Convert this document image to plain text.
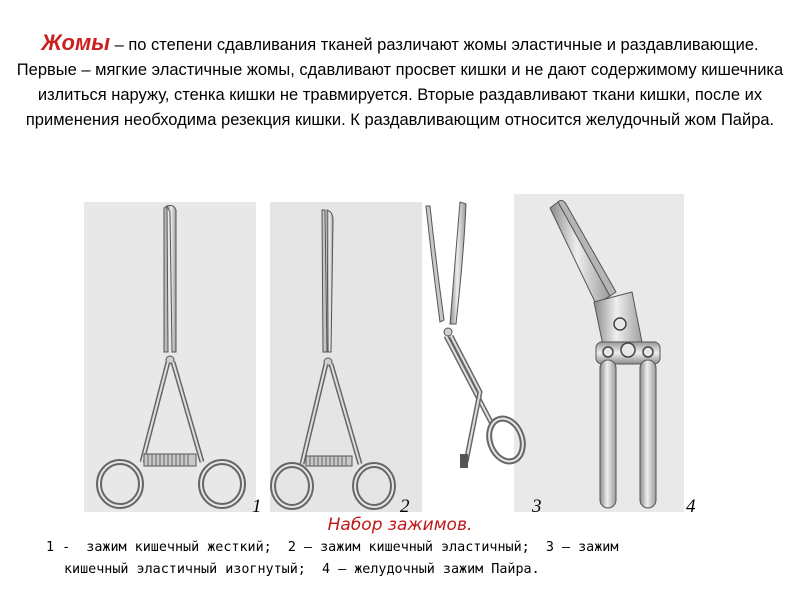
Жомы – по степени сдавливания тканей различают жомы эластичные и раздавливающие. Первые – мягкие эластичные жомы, сдавливают просвет кишки и не дают содержимому кишечника излиться наружу, стенка кишки не травмируется. Вторые раздавливают ткани кишки, после их применения необходима резекция кишки. К раздавливающим относится желудочный жом Пайра.

1	2	3	4
Набор зажимов.
1 -  зажим кишечный жесткий;  2 – зажим кишечный эластичный;  3 – зажим
кишечный эластичный изогнутый;  4 – желудочный зажим Пайра.
